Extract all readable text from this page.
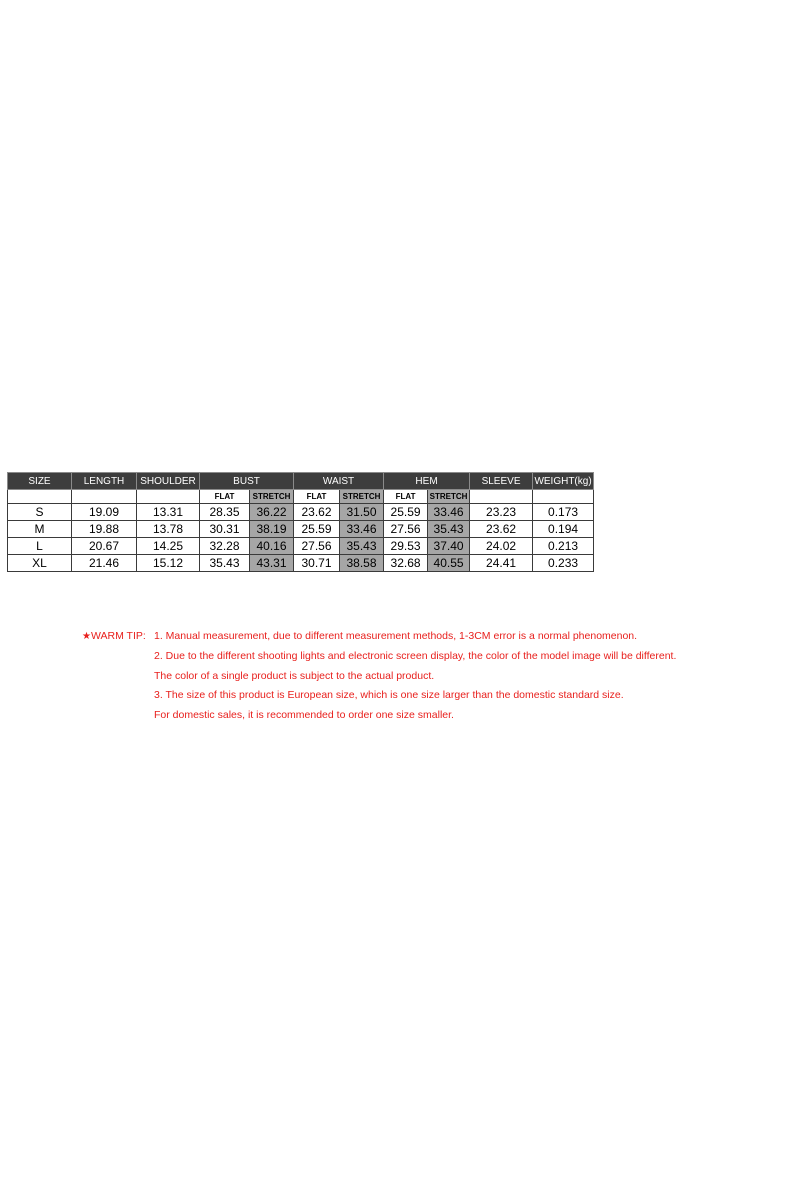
SIZE	LENGTH	SHOULDER	BUST		WAIST		HEM		SLEEVE	WEIGHT(kg)
			FLAT	STRETCH	FLAT	STRETCH	FLAT	STRETCH		
S	19.09	13.31	28.35	36.22	23.62	31.50	25.59	33.46	23.23	0.173
M	19.88	13.78	30.31	38.19	25.59	33.46	27.56	35.43	23.62	0.194
L	20.67	14.25	32.28	40.16	27.56	35.43	29.53	37.40	24.02	0.213
XL	21.46	15.12	35.43	43.31	30.71	38.58	32.68	40.55	24.41	0.233
★WARM TIP: 1. Manual measurement, due to different measurement methods, 1-3CM error is a normal phenomenon.
2. Due to the different shooting lights and electronic screen display, the color of the model image will be different.
The color of a single product is subject to the actual product.
3. The size of this product is European size, which is one size larger than the domestic standard size.
For domestic sales, it is recommended to order one size smaller.
